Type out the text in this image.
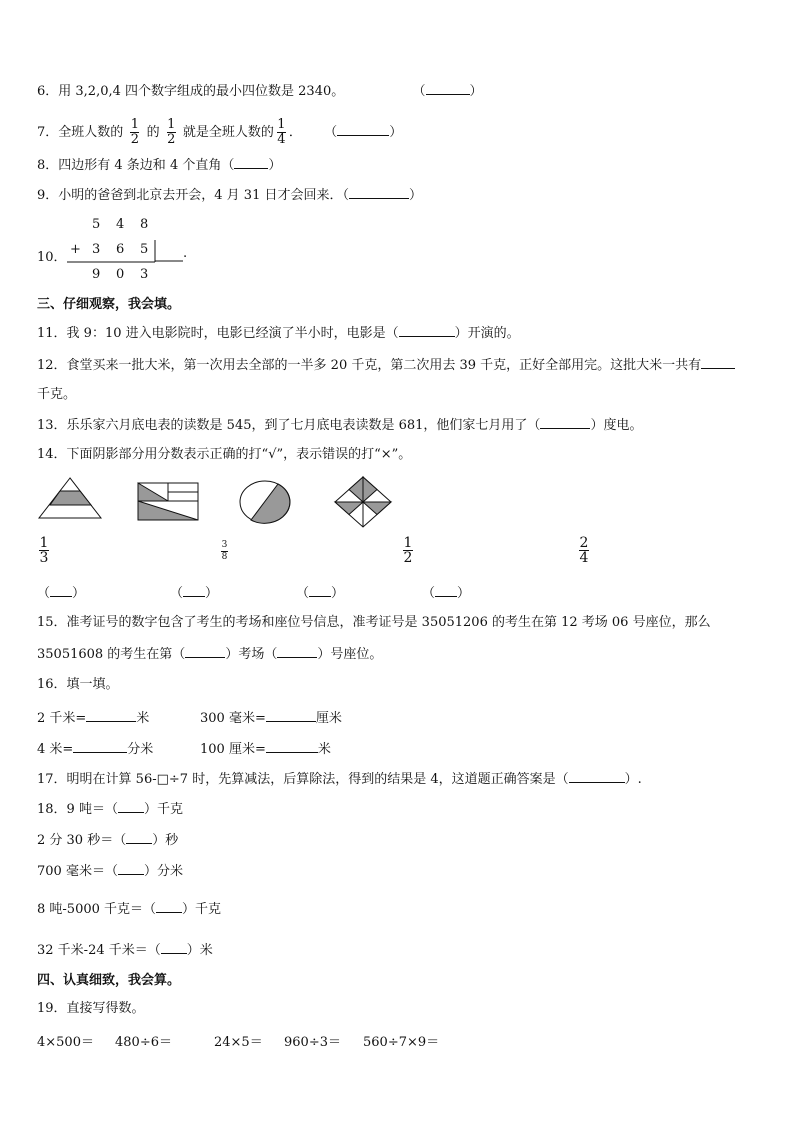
6．用 3,2,0,4 四个数字组成的最小四位数是 2340。	（	）
7．全班人数的 $\frac{1}{2}$ 的 $\frac{1}{2}$ 就是全班人数的 $\frac{1}{4}$ ． （	）
8．四边形有 4 条边和 4 个直角（	）
9．小明的爸爸到北京去开会，4 月 31 日才会回来．（	）
10．
5 4 8
+ 3 6 5	.
9 0 3
三、仔细观察，我会填。
11．我 9：10 进入电影院时，电影已经演了半小时，电影是（	）开演的。
12．食堂买来一批大米，第一次用去全部的一半多 20 千克，第二次用去 39 千克，正好全部用完。这批大米一共有
千克。
13．乐乐家六月底电表的读数是 545，到了七月底电表读数是 681，他们家七月用了（	）度电。
14．下面阴影部分用分数表示正确的打“√”，表示错误的打“×”。
1
3
3
8
1
2
2
4
（ ）	（ ）	（ ）	（ ）
15．准考证号的数字包含了考生的考场和座位号信息，准考证号是 35051206 的考生在第 12 考场 06 号座位，那么
35051608 的考生在第（	）考场（	）号座位。
16．填一填。
2 千米=	米	300 毫米=	厘米
4 米=	分米	100 厘米=	米
17．明明在计算 56-□÷7 时，先算减法，后算除法，得到的结果是 4，这道题正确答案是（	）.
18．9 吨＝（ ）千克
2 分 30 秒＝（ ）秒
700 毫米＝（ ）分米
8 吨-5000 千克＝（ ）千克
32 千米-24 千米＝（ ）米
四、认真细致，我会算。
19．直接写得数。
4×500＝ 480÷6＝	24×5＝ 960÷3＝ 560÷7×9＝
